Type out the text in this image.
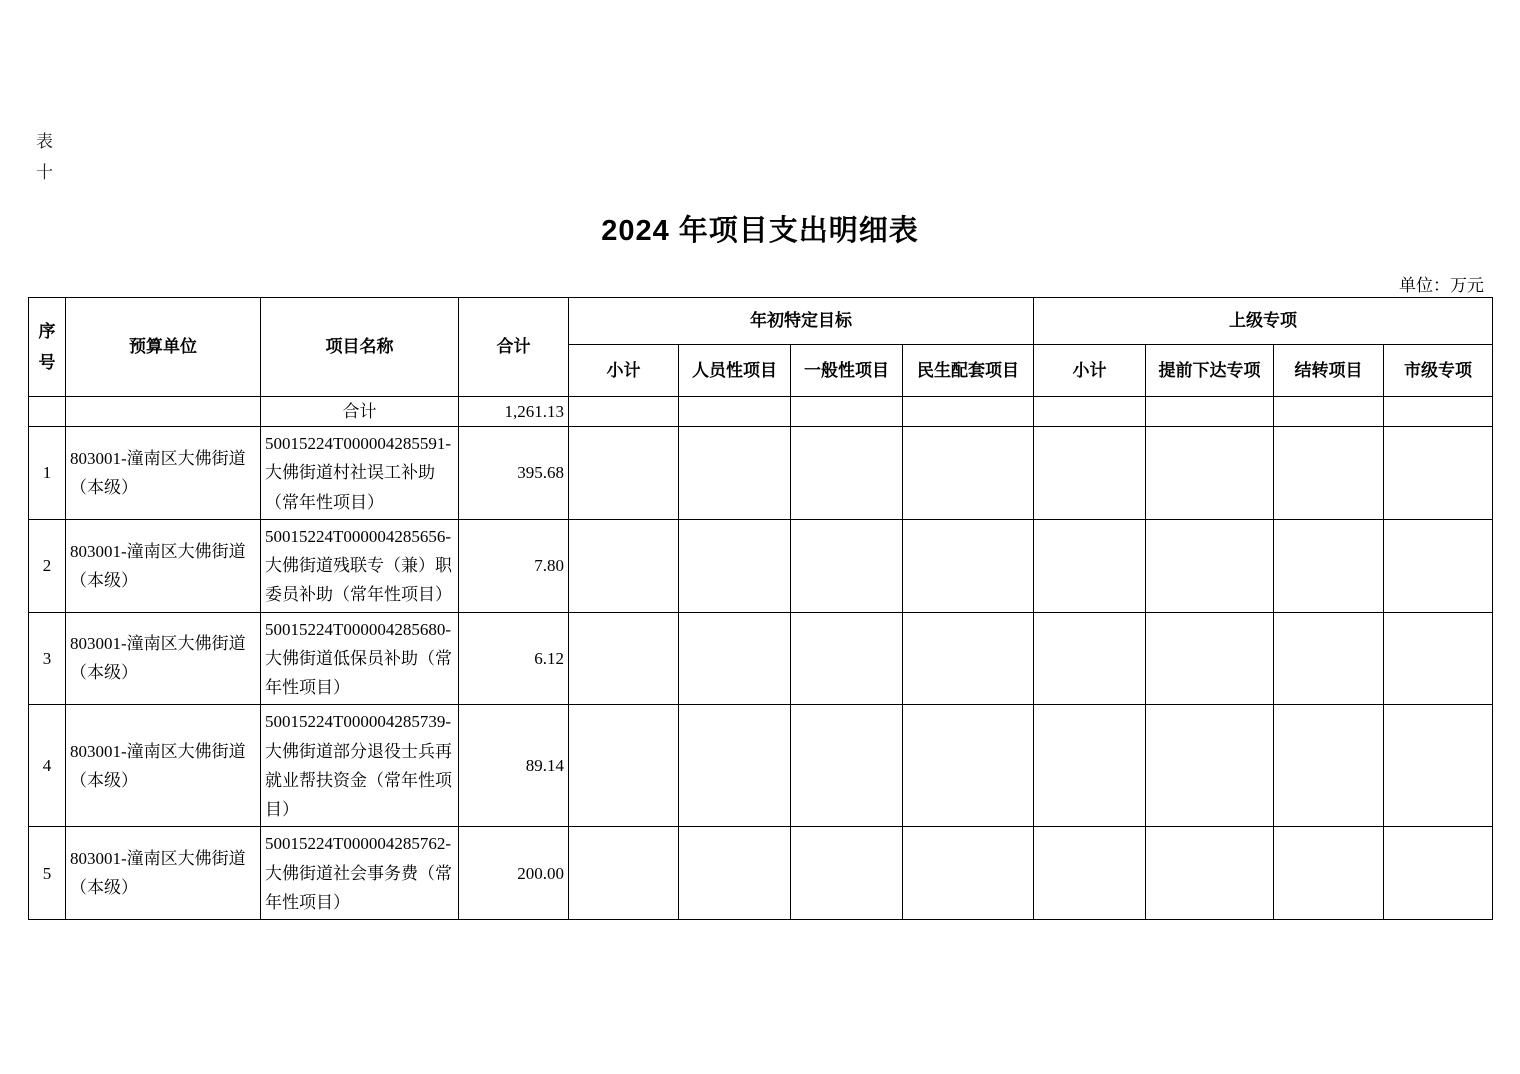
表
十
2024 年项目支出明细表
单位：万元
序号	预算单位	项目名称	合计	年初特定目标				上级专项			
				小计	人员性项目	一般性项目	民生配套项目	小计	提前下达专项	结转项目	市级专项
		合计	1,261.13								
1	803001-潼南区大佛街道（本级）	50015224T000004285591-大佛街道村社误工补助（常年性项目）	395.68								
2	803001-潼南区大佛街道（本级）	50015224T000004285656-大佛街道残联专（兼）职委员补助（常年性项目）	7.80								
3	803001-潼南区大佛街道（本级）	50015224T000004285680-大佛街道低保员补助（常年性项目）	6.12								
4	803001-潼南区大佛街道（本级）	50015224T000004285739-大佛街道部分退役士兵再就业帮扶资金（常年性项目）	89.14								
5	803001-潼南区大佛街道（本级）	50015224T000004285762-大佛街道社会事务费（常年性项目）	200.00								
